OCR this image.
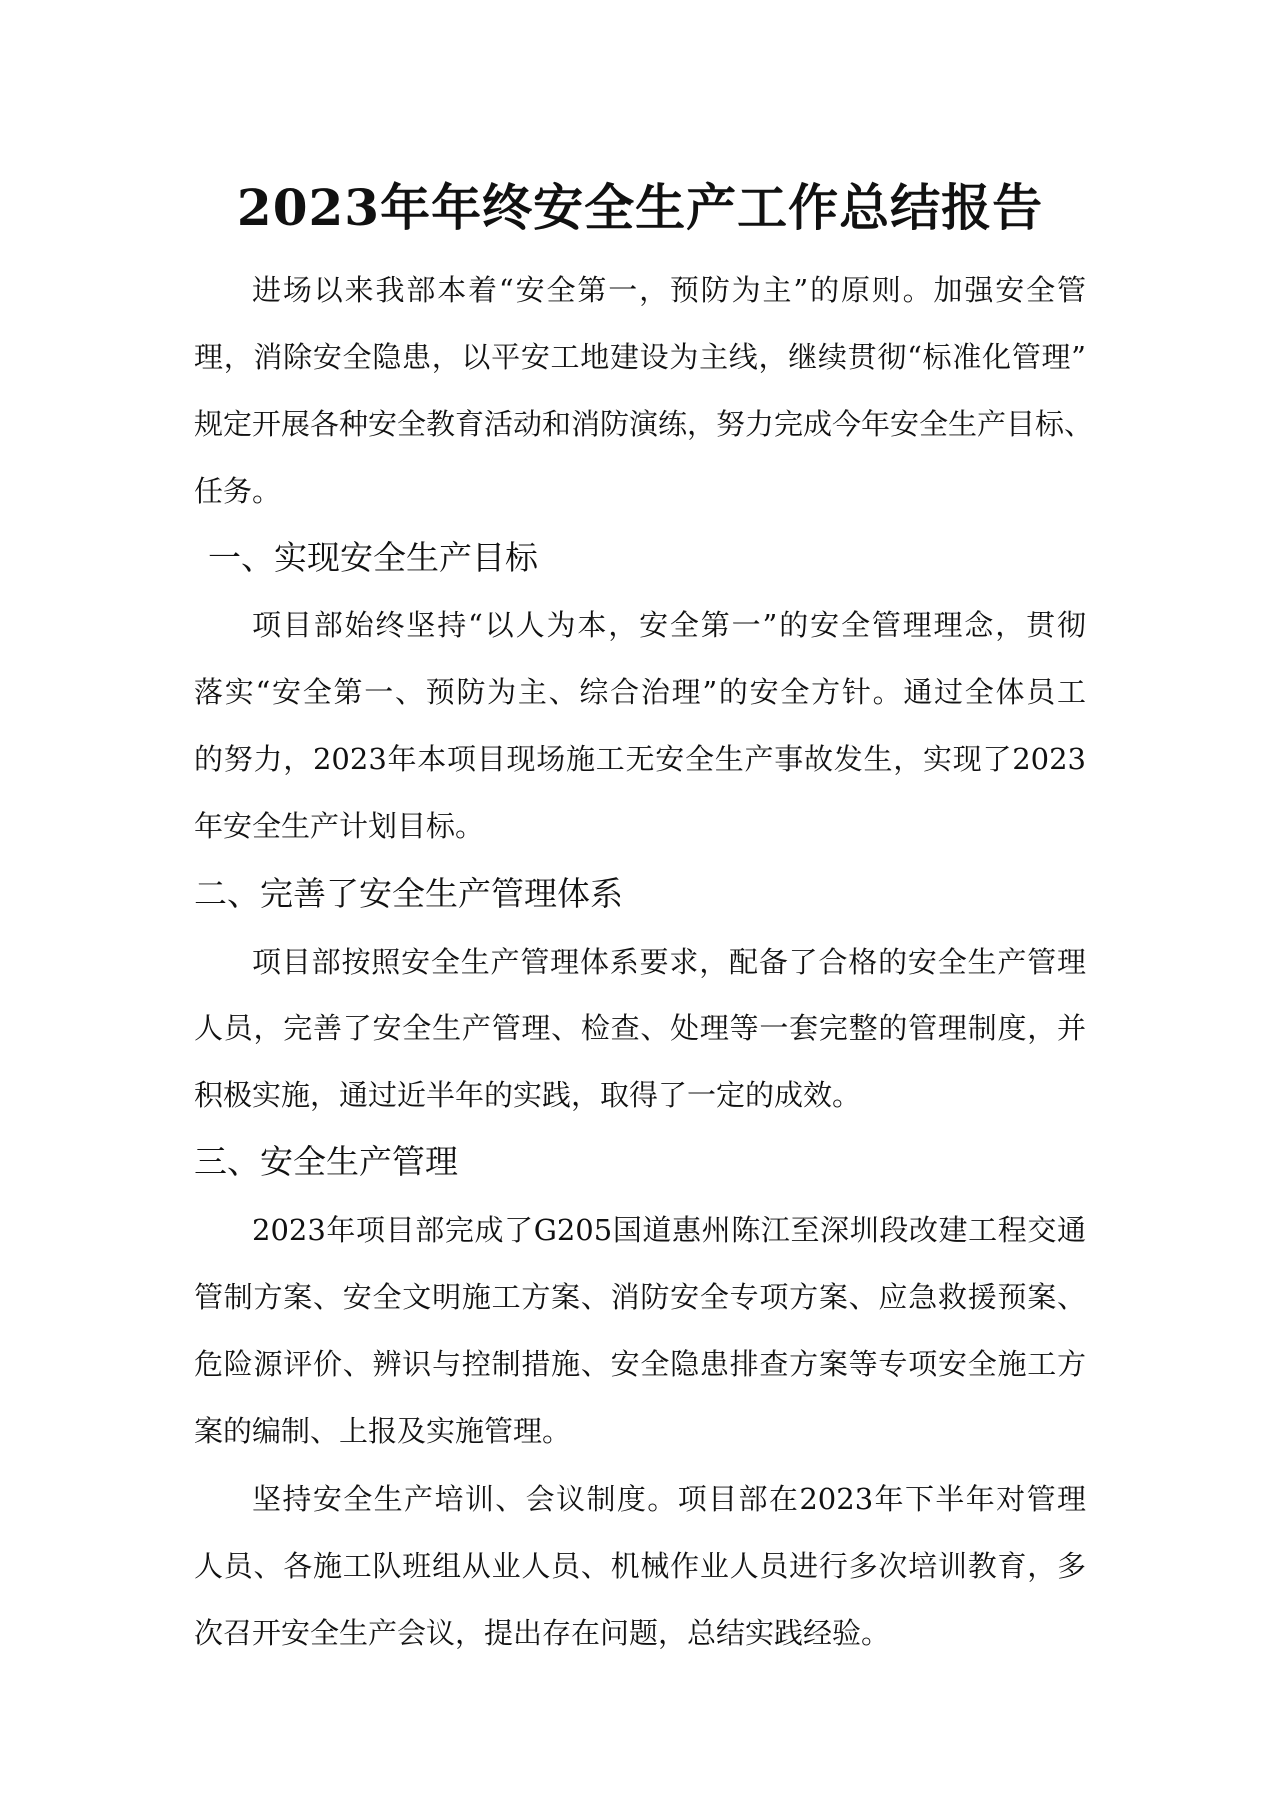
2023年年终安全生产工作总结报告
进场以来我部本着“安全第一，预防为主”的原则。加强安全管
理，消除安全隐患，以平安工地建设为主线，继续贯彻“标准化管理”
规定开展各种安全教育活动和消防演练，努力完成今年安全生产目标、
任务。
一、实现安全生产目标
项目部始终坚持“以人为本，安全第一”的安全管理理念，贯彻
落实“安全第一、预防为主、综合治理”的安全方针。通过全体员工
的努力，2023年本项目现场施工无安全生产事故发生，实现了2023
年安全生产计划目标。
二、完善了安全生产管理体系
项目部按照安全生产管理体系要求，配备了合格的安全生产管理
人员，完善了安全生产管理、检查、处理等一套完整的管理制度，并
积极实施，通过近半年的实践，取得了一定的成效。
三、安全生产管理
2023年项目部完成了G205国道惠州陈江至深圳段改建工程交通
管制方案、安全文明施工方案、消防安全专项方案、应急救援预案、
危险源评价、辨识与控制措施、安全隐患排查方案等专项安全施工方
案的编制、上报及实施管理。
坚持安全生产培训、会议制度。项目部在2023年下半年对管理
人员、各施工队班组从业人员、机械作业人员进行多次培训教育，多
次召开安全生产会议，提出存在问题，总结实践经验。
